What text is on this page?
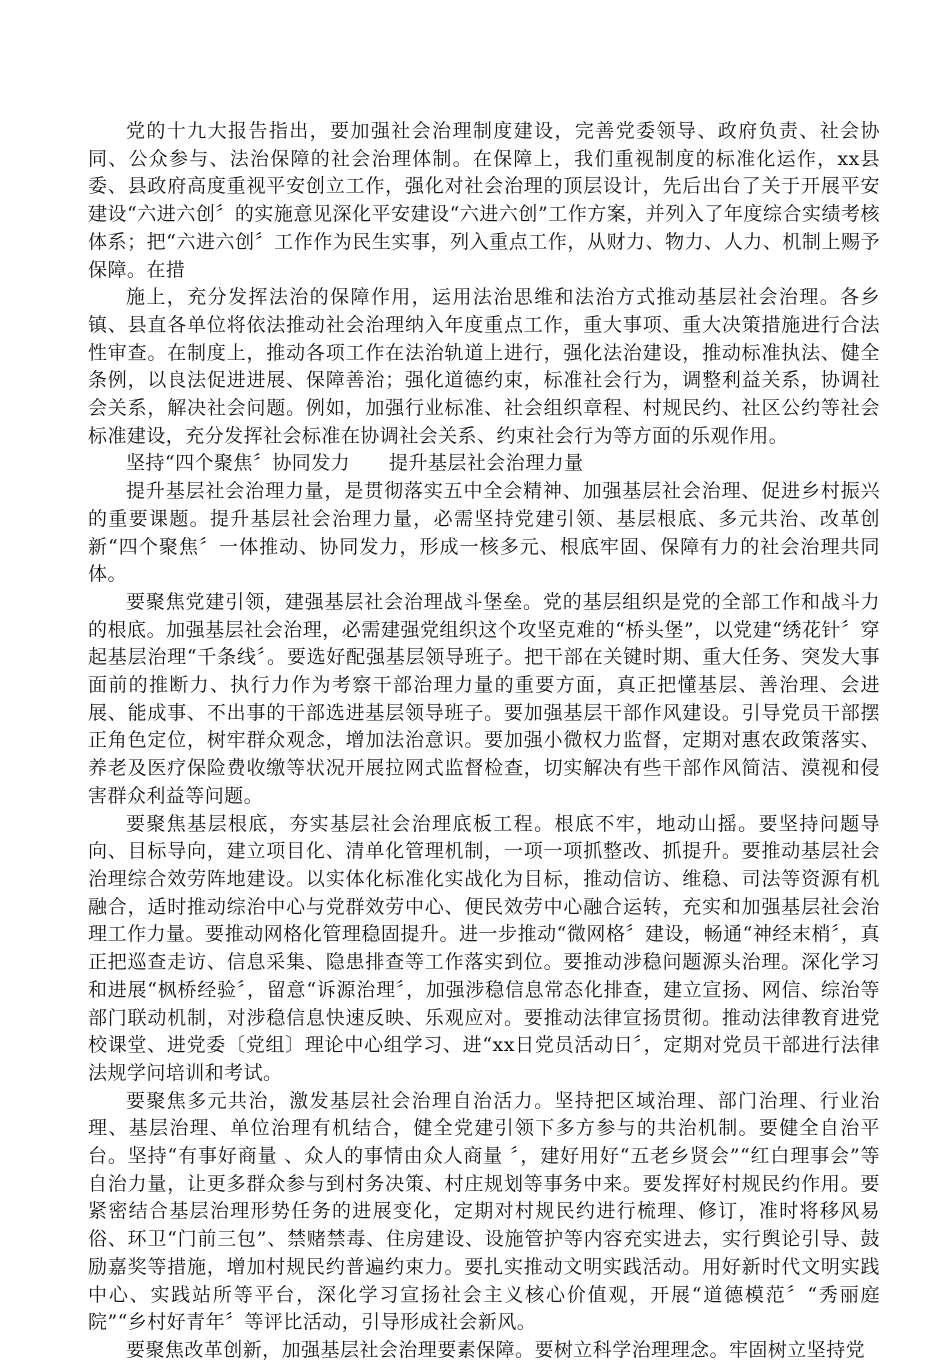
党的十九大报告指出，要加强社会治理制度建设，完善党委领导、政府负责、社会协同、公众参与、法治保障的社会治理体制。在保障上，我们重视制度的标准化运作，xx县委、县政府高度重视平安创立工作，强化对社会治理的顶层设计，先后出台了关于开展平安建设“六进六创〞的实施意见深化平安建设“六进六创”工作方案，并列入了年度综合实绩考核体系；把“六进六创〞工作作为民生实事，列入重点工作，从财力、物力、人力、机制上赐予保障。在措

施上，充分发挥法治的保障作用，运用法治思维和法治方式推动基层社会治理。各乡镇、县直各单位将依法推动社会治理纳入年度重点工作，重大事项、重大决策措施进行合法性审查。在制度上，推动各项工作在法治轨道上进行，强化法治建设，推动标准执法、健全条例，以良法促进进展、保障善治；强化道德约束，标准社会行为，调整利益关系，协调社会关系，解决社会问题。例如，加强行业标准、社会组织章程、村规民约、社区公约等社会标准建设，充分发挥社会标准在协调社会关系、约束社会行为等方面的乐观作用。

坚持“四个聚焦〞协同发力      提升基层社会治理力量

提升基层社会治理力量，是贯彻落实五中全会精神、加强基层社会治理、促进乡村振兴的重要课题。提升基层社会治理力量，必需坚持党建引领、基层根底、多元共治、改革创新“四个聚焦〞一体推动、协同发力，形成一核多元、根底牢固、保障有力的社会治理共同体。

要聚焦党建引领，建强基层社会治理战斗堡垒。党的基层组织是党的全部工作和战斗力的根底。加强基层社会治理，必需建强党组织这个攻坚克难的“桥头堡”，以党建“绣花针〞穿起基层治理“千条线〞。要选好配强基层领导班子。把干部在关键时期、重大任务、突发大事面前的推断力、执行力作为考察干部治理力量的重要方面，真正把懂基层、善治理、会进展、能成事、不出事的干部选进基层领导班子。要加强基层干部作风建设。引导党员干部摆正角色定位，树牢群众观念，增加法治意识。要加强小微权力监督，定期对惠农政策落实、养老及医疗保险费收缴等状况开展拉网式监督检查，切实解决有些干部作风简洁、漠视和侵害群众利益等问题。

要聚焦基层根底，夯实基层社会治理底板工程。根底不牢，地动山摇。要坚持问题导向、目标导向，建立项目化、清单化管理机制，一项一项抓整改、抓提升。要推动基层社会治理综合效劳阵地建设。以实体化标准化实战化为目标，推动信访、维稳、司法等资源有机融合，适时推动综治中心与党群效劳中心、便民效劳中心融合运转，充实和加强基层社会治理工作力量。要推动网格化管理稳固提升。进一步推动“微网格〞建设，畅通“神经末梢〞，真正把巡查走访、信息采集、隐患排查等工作落实到位。要推动涉稳问题源头治理。深化学习和进展“枫桥经验〞，留意“诉源治理〞，加强涉稳信息常态化排查，建立宣扬、网信、综治等部门联动机制，对涉稳信息快速反映、乐观应对。要推动法律宣扬贯彻。推动法律教育进党校课堂、进党委〔党组〕理论中心组学习、进“xx日党员活动日〞，定期对党员干部进行法律法规学问培训和考试。

要聚焦多元共治，激发基层社会治理自治活力。坚持把区域治理、部门治理、行业治理、基层治理、单位治理有机结合，健全党建引领下多方参与的共治机制。要健全自治平台。坚持“有事好商量 、众人的事情由众人商量 〞，建好用好“五老乡贤会”“红白理事会”等自治力量，让更多群众参与到村务决策、村庄规划等事务中来。要发挥好村规民约作用。要紧密结合基层治理形势任务的进展变化，定期对村规民约进行梳理、修订，准时将移风易俗、环卫“门前三包”、禁赌禁毒、住房建设、设施管护等内容充实进去，实行舆论引导、鼓励嘉奖等措施，增加村规民约普遍约束力。要扎实推动文明实践活动。用好新时代文明实践中心、实践站所等平台，深化学习宣扬社会主义核心价值观，开展“道德模范〞“秀丽庭院”“乡村好青年〞等评比活动，引导形成社会新风。

要聚焦改革创新，加强基层社会治理要素保障。要树立科学治理理念。牢固树立坚持党
